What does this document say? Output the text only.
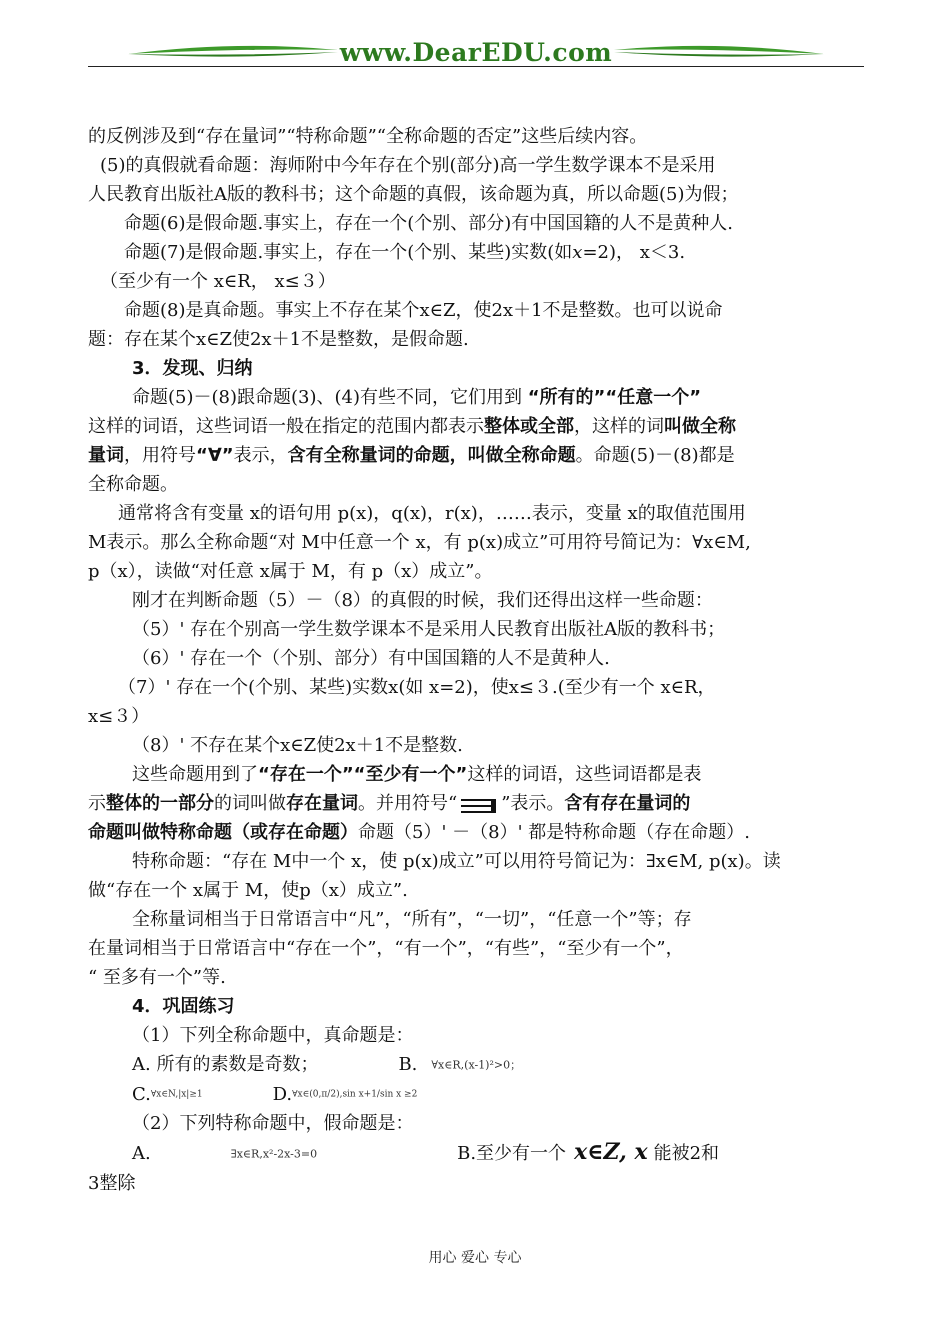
www.DearEDU.com

的反例涉及到“存在量词”“特称命题”“全称命题的否定”这些后续内容。

(5)的真假就看命题：海师附中今年存在个别(部分)高一学生数学课本不是采用

人民教育出版社A版的教科书；这个命题的真假，该命题为真，所以命题(5)为假；

命题(6)是假命题.事实上，存在一个(个别、部分)有中国国籍的人不是黄种人.

命题(7)是假命题.事实上，存在一个(个别、某些)实数(如x=2)， x＜3.

（至少有一个 x∈R， x≤３）

命题(8)是真命题。事实上不存在某个x∈Z，使2x＋1不是整数。也可以说命

题：存在某个x∈Z使2x＋1不是整数，是假命题.

3．发现、归纳

命题(5)－(8)跟命题(3)、(4)有些不同，它们用到 “所有的”“任意一个”

这样的词语，这些词语一般在指定的范围内都表示整体或全部，这样的词叫做全称

量词，用符号“∀”表示，含有全称量词的命题，叫做全称命题。命题(5)－(8)都是

全称命题。

通常将含有变量 x的语句用 p(x)，q(x)，r(x)，……表示，变量 x的取值范围用

M表示。那么全称命题“对 M中任意一个 x，有 p(x)成立”可用符号简记为：∀x∈M,

p（x），读做“对任意 x属于 M，有 p（x）成立”。

刚才在判断命题（5）－（8）的真假的时候，我们还得出这样一些命题：

（5）' 存在个别高一学生数学课本不是采用人民教育出版社A版的教科书；

（6）' 存在一个（个别、部分）有中国国籍的人不是黄种人.

（7）' 存在一个(个别、某些)实数x(如 x=2)，使x≤３.(至少有一个 x∈R，

x≤３）

（8）' 不存在某个x∈Z使2x＋1不是整数.

这些命题用到了“存在一个”“至少有一个”这样的词语，这些词语都是表

示整体的一部分的词叫做存在量词。并用符号“ ”表示。含有存在量词的

命题叫做特称命题（或存在命题）命题（5）' －（8）' 都是特称命题（存在命题）.

特称命题：“存在 M中一个 x，使 p(x)成立”可以用符号简记为：∃x∈M, p(x)。读

做“存在一个 x属于 M，使p（x）成立”.

全称量词相当于日常语言中“凡”，“所有”，“一切”，“任意一个”等；存

在量词相当于日常语言中“存在一个”，“有一个”，“有些”，“至少有一个”，

“ 至多有一个”等.

4．巩固练习

（1）下列全称命题中，真命题是：

A. 所有的素数是奇数；	B. ∀x∈R,(x-1)²>0；

C.∀x∈N,|x|≥1	D.∀x∈(0,π/2),sin x+1/sin x ≥2

（2）下列特称命题中，假命题是：

A.	∃x∈R,x²-2x-3=0	B.至少有一个 x∈Z, x 能被2和

3整除

用心 爱心 专心
